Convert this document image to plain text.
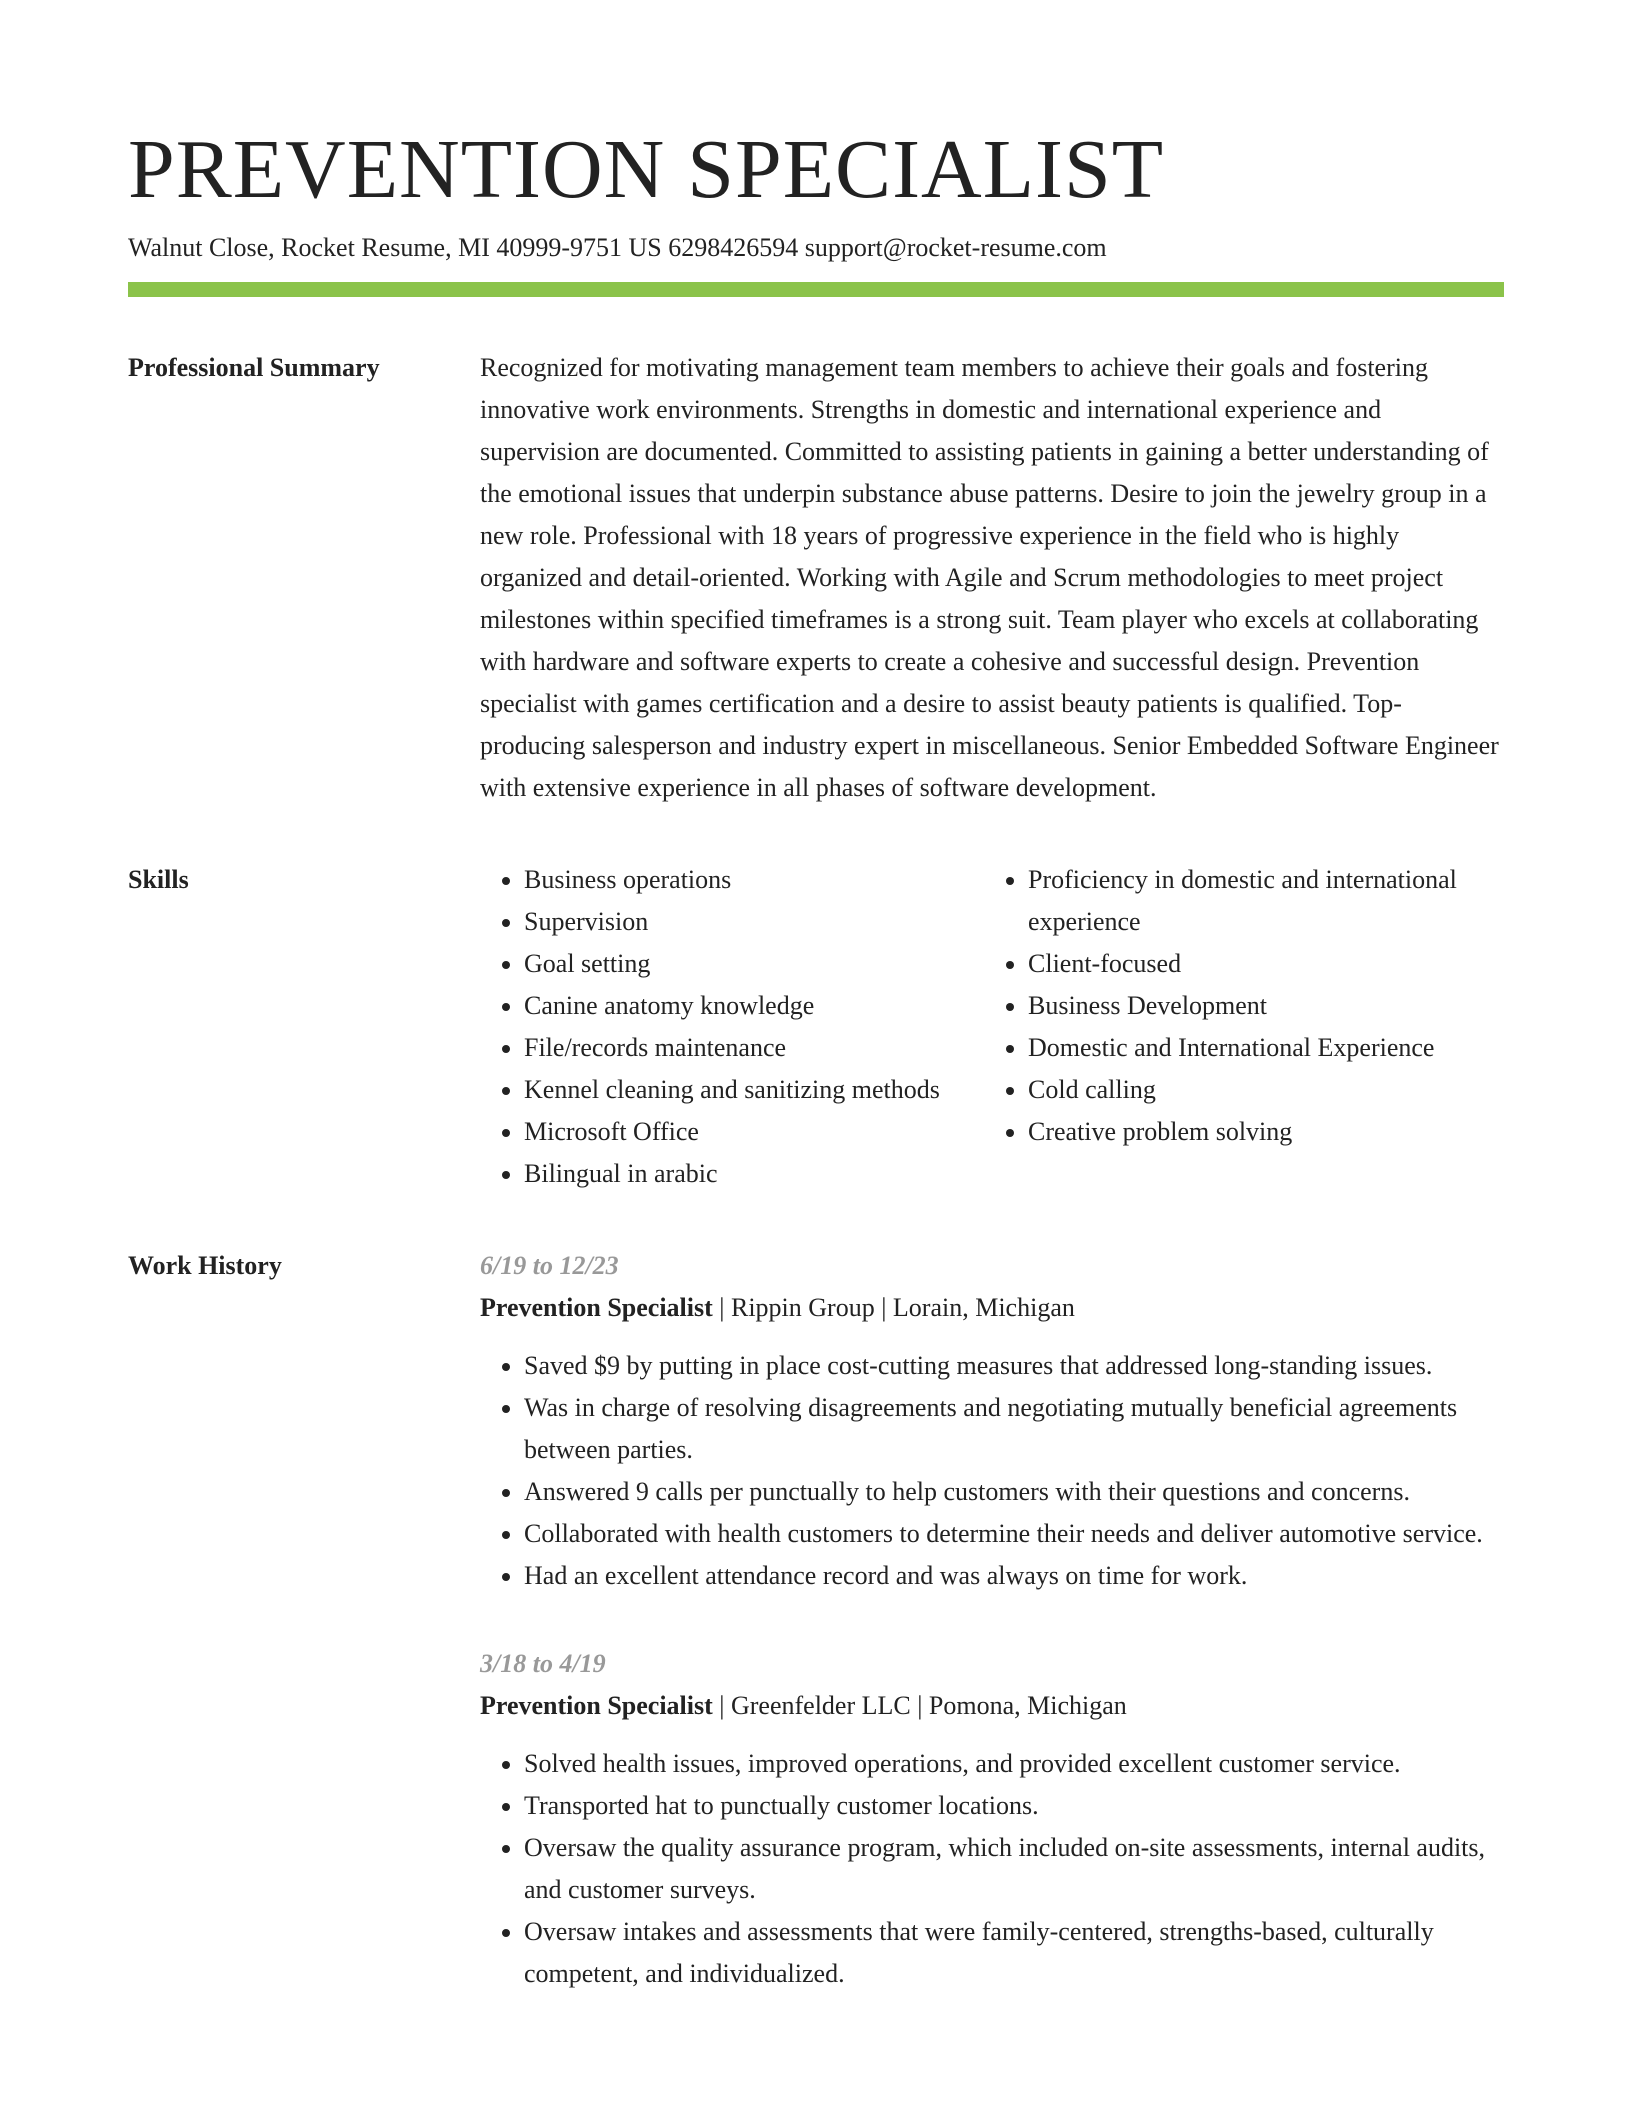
PREVENTION SPECIALIST
Walnut Close, Rocket Resume, MI 40999-9751 US 6298426594 support@rocket-resume.com
Professional Summary	Recognized for motivating management team members to achieve their goals and fostering innovative work environments. Strengths in domestic and international experience and supervision are documented. Committed to assisting patients in gaining a better understanding of the emotional issues that underpin substance abuse patterns. Desire to join the jewelry group in a new role. Professional with 18 years of progressive experience in the field who is highly organized and detail-oriented. Working with Agile and Scrum methodologies to meet project milestones within specified timeframes is a strong suit. Team player who excels at collaborating with hardware and software experts to create a cohesive and successful design. Prevention specialist with games certification and a desire to assist beauty patients is qualified. Top-producing salesperson and industry expert in miscellaneous. Senior Embedded Software Engineer with extensive experience in all phases of software development.

Skills
•	Business operations
• Supervision
• Goal setting
• Canine anatomy knowledge
• File/records maintenance
• Kennel cleaning and sanitizing methods
• Microsoft Office
• Bilingual in arabic
• Proficiency in domestic and international experience
• Client-focused
• Business Development
• Domestic and International Experience
• Cold calling
• Creative problem solving
Work History	6/19 to 12/23
Prevention Specialist | Rippin Group | Lorain, Michigan
• Saved $9 by putting in place cost-cutting measures that addressed long-standing issues.
• Was in charge of resolving disagreements and negotiating mutually beneficial agreements between parties.
• Answered 9 calls per punctually to help customers with their questions and concerns.
• Collaborated with health customers to determine their needs and deliver automotive service.
• Had an excellent attendance record and was always on time for work.
3/18 to 4/19
Prevention Specialist | Greenfelder LLC | Pomona, Michigan
• Solved health issues, improved operations, and provided excellent customer service.
• Transported hat to punctually customer locations.
• Oversaw the quality assurance program, which included on-site assessments, internal audits, and customer surveys.
• Oversaw intakes and assessments that were family-centered, strengths-based, culturally competent, and individualized.
